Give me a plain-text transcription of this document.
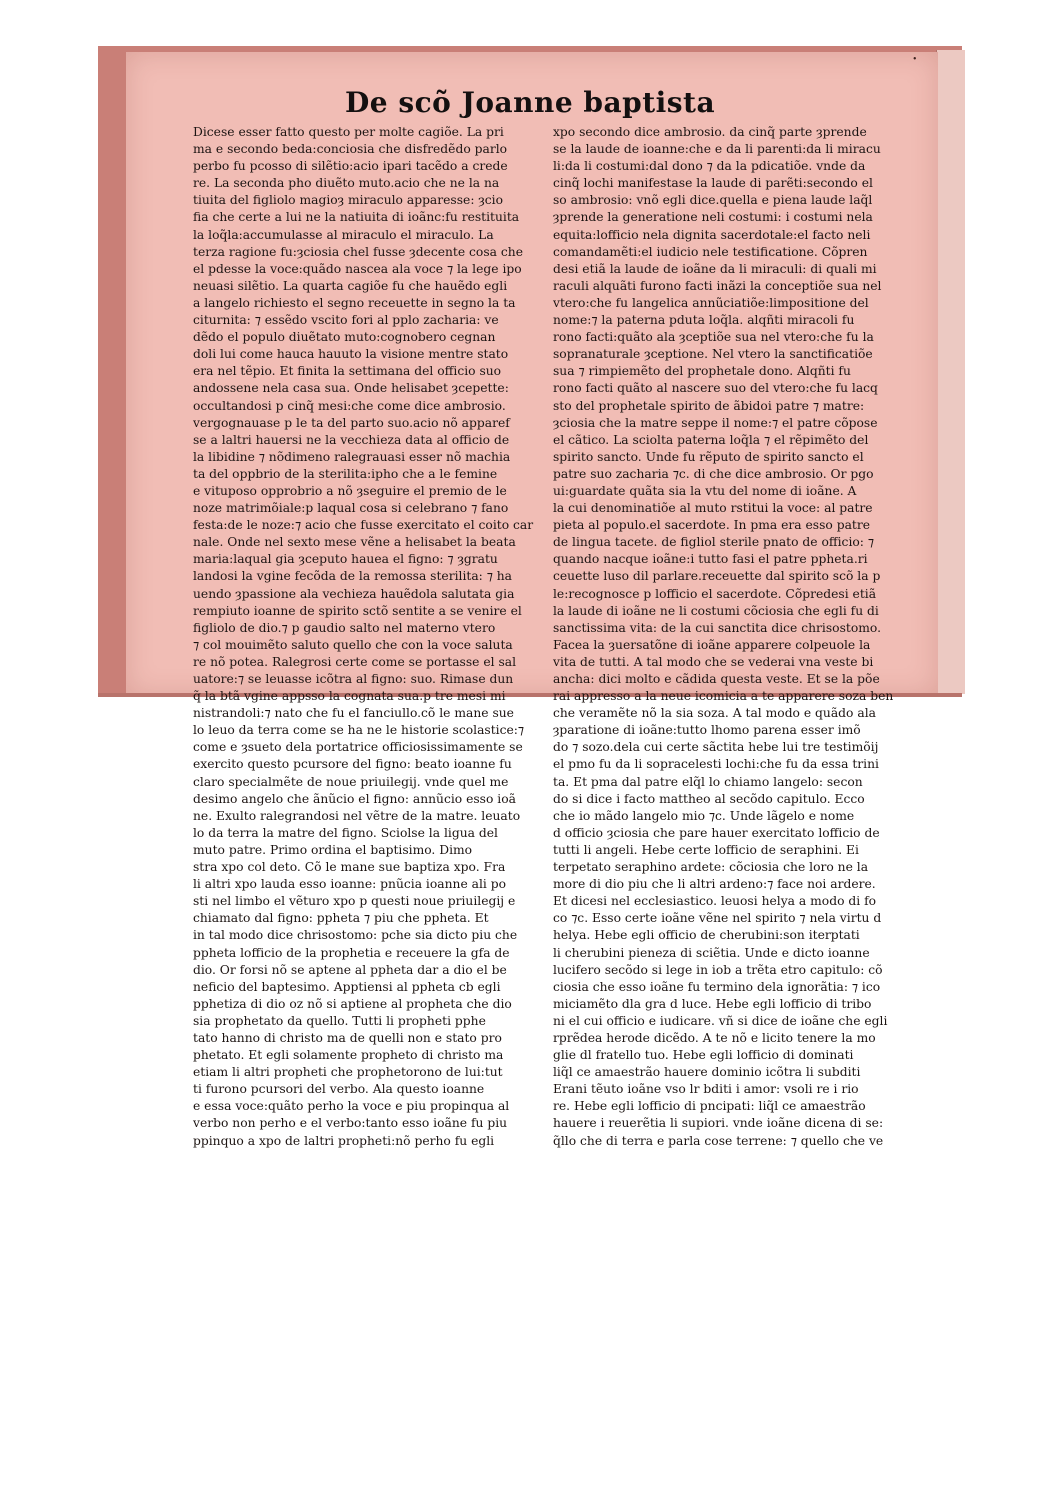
•
De scõ Joanne baptista
Dicese esser fatto questo per molte cagiõe. La pri
ma e secondo beda:conciosia che disfredẽdo parlo
perbo fu pcosso di silẽtio:acio ipari tacẽdo a crede
re. La seconda pho diuẽto muto.acio che ne la na
tiuita del figliolo magioȝ miraculo apparesse: ȝcio
fia che certe a lui ne la natiuita di ioãnc:fu restituita
la loq̃la:accumulasse al miraculo el miraculo. La
terza ragione fu:ȝciosia chel fusse ȝdecente cosa che
el pdesse la voce:quãdo nascea ala voce ⁊ la lege ipo
neuasi silẽtio. La quarta cagiõe fu che hauẽdo egli
a langelo richiesto el segno receuette in segno la ta
citurnita: ⁊ essẽdo vscito fori al pplo zacharia: ve
dẽdo el populo diuẽtato muto:cognobero cegnan
doli lui come hauca hauuto la visione mentre stato
era nel tẽpio. Et finita la settimana del officio suo
andossene nela casa sua. Onde helisabet ȝcepette:
occultandosi p cinq̃ mesi:che come dice ambrosio.
vergognauase p le ta del parto suo.acio nõ apparef
se a laltri hauersi ne la vecchieza data al officio de
la libidine ⁊ nõdimeno ralegrauasi esser nõ machia
ta del oppbrio de la sterilita:ipho che a le femine
e vituposo opprobrio a nõ ȝseguire el premio de le
noze matrimõiale:p laqual cosa si celebrano ⁊ fano
festa:de le noze:⁊ acio che fusse exercitato el coito car
nale. Onde nel sexto mese vẽne a helisabet la beata
maria:laqual gia ȝceputo hauea el figno: ⁊ ȝgratu
landosi la vgine fecõda de la remossa sterilita: ⁊ ha
uendo ȝpassione ala vechieza hauẽdola salutata gia
rempiuto ioanne de spirito sctõ sentite a se venire el
figliolo de dio.⁊ p gaudio salto nel materno vtero
⁊ col mouimẽto saluto quello che con la voce saluta
re nõ potea. Ralegrosi certe come se portasse el sal
uatore:⁊ se leuasse icõtra al figno: suo. Rimase dun
q̃ la btã vgine appsso la cognata sua.p tre mesi mi
nistrandoli:⁊ nato che fu el fanciullo.cõ le mane sue
lo leuo da terra come se ha ne le historie scolastice:⁊
come e ȝsueto dela portatrice officiosissimamente se
exercito questo pcursore del figno: beato ioanne fu
claro specialmẽte de noue priuilegij. vnde quel me
desimo angelo che ãnũcio el figno: annũcio esso ioã
ne. Exulto ralegrandosi nel vẽtre de la matre. leuato
lo da terra la matre del figno. Sciolse la ligua del
muto patre. Primo ordina el baptisimo. Dimo
stra xpo col deto. Cõ le mane sue baptiza xpo. Fra
li altri xpo lauda esso ioanne: pnũcia ioanne ali po
sti nel limbo el vẽturo xpo p questi noue priuilegij e
chiamato dal figno: ppheta ⁊ piu che ppheta. Et
in tal modo dice chrisostomo: pche sia dicto piu che
ppheta lofficio de la prophetia e receuere la gfa de
dio. Or forsi nõ se aptene al ppheta dar a dio el be
neficio del baptesimo. Apptiensi al ppheta cb egli
pphetiza di dio oz nõ si aptiene al propheta che dio
sia prophetato da quello. Tutti li propheti pphe
tato hanno di christo ma de quelli non e stato pro
phetato. Et egli solamente propheto di christo ma
etiam li altri propheti che prophetorono de lui:tut
ti furono pcursori del verbo. Ala questo ioanne
e essa voce:quãto perho la voce e piu propinqua al
verbo non perho e el verbo:tanto esso ioãne fu piu
ppinquo a xpo de laltri propheti:nõ perho fu egli
xpo secondo dice ambrosio. da cinq̃ parte ȝprende
se la laude de ioanne:che e da li parenti:da li miracu
li:da li costumi:dal dono ⁊ da la pdicatiõe. vnde da
cinq̃ lochi manifestase la laude di parẽti:secondo el
so ambrosio: vnõ egli dice.quella e piena laude laq̃l
ȝprende la generatione neli costumi: i costumi nela
equita:lofficio nela dignita sacerdotale:el facto neli
comandamẽti:el iudicio nele testificatione. Cõpren
desi etiã la laude de ioãne da li miraculi: di quali mi
raculi alquãti furono facti inãzi la conceptiõe sua nel
vtero:che fu langelica annũciatiõe:limpositione del
nome:⁊ la paterna pduta loq̃la. alqñti miracoli fu
rono facti:quãto ala ȝceptiõe sua nel vtero:che fu la
sopranaturale ȝceptione. Nel vtero la sanctificatiõe
sua ⁊ rimpiemẽto del prophetale dono. Alqñti fu
rono facti quãto al nascere suo del vtero:che fu lacq
sto del prophetale spirito de ãbidoi patre ⁊ matre:
ȝciosia che la matre seppe il nome:⁊ el patre cõpose
el cãtico. La sciolta paterna loq̃la ⁊ el rẽpimẽto del
spirito sancto. Unde fu rẽputo de spirito sancto el
patre suo zacharia ⁊c. di che dice ambrosio. Or pgo
ui:guardate quãta sia la vtu del nome di ioãne. A
la cui denominatiõe al muto rstitui la voce: al patre
pieta al populo.el sacerdote. In pma era esso patre
de lingua tacete. de figliol sterile pnato de officio: ⁊
quando nacque ioãne:i tutto fasi el patre ppheta.ri
ceuette luso dil parlare.receuette dal spirito scõ la p
le:recognosce p lofficio el sacerdote. Cõpredesi etiã
la laude di ioãne ne li costumi cõciosia che egli fu di
sanctissima vita: de la cui sanctita dice chrisostomo.
Facea la ȝuersatõne di ioãne apparere colpeuole la
vita de tutti. A tal modo che se vederai vna veste bi
ancha: dici molto e cãdida questa veste. Et se la põe
rai appresso a la neue icomicia a te apparere soza ben
che veramẽte nõ la sia soza. A tal modo e quãdo ala
ȝparatione di ioãne:tutto lhomo parena esser imõ
do ⁊ sozo.dela cui certe sãctita hebe lui tre testimõij
el pmo fu da li sopracelesti lochi:che fu da essa trini
ta. Et pma dal patre elq̃l lo chiamo langelo: secon
do si dice i facto mattheo al secõdo capitulo. Ecco
che io mãdo langelo mio ⁊c. Unde lãgelo e nome
d officio ȝciosia che pare hauer exercitato lofficio de
tutti li angeli. Hebe certe lofficio de seraphini. Ei
terpetato seraphino ardete: cõciosia che loro ne la
more di dio piu che li altri ardeno:⁊ face noi ardere.
Et dicesi nel ecclesiastico. leuosi helya a modo di fo
co ⁊c. Esso certe ioãne vẽne nel spirito ⁊ nela virtu d
helya. Hebe egli officio de cherubini:son iterptati
li cherubini pieneza di sciẽtia. Unde e dicto ioanne
lucifero secõdo si lege in iob a trẽta etro capitulo: cõ
ciosia che esso ioãne fu termino dela ignorãtia: ⁊ ico
miciamẽto dla gra d luce. Hebe egli lofficio di tribo
ni el cui officio e iudicare. vñ si dice de ioãne che egli
rprẽdea herode dicẽdo. A te nõ e licito tenere la mo
glie dl fratello tuo. Hebe egli lofficio di dominati
liq̃l ce amaestrão hauere dominio icõtra li subditi
Erani tẽuto ioãne vso lr bditi i amor: vsoli re i rio
re. Hebe egli lofficio di pncipati: liq̃l ce amaestrão
hauere i reuerẽtia li supiori. vnde ioãne dicena di se:
q̃llo che di terra e parla cose terrene: ⁊ quello che ve
